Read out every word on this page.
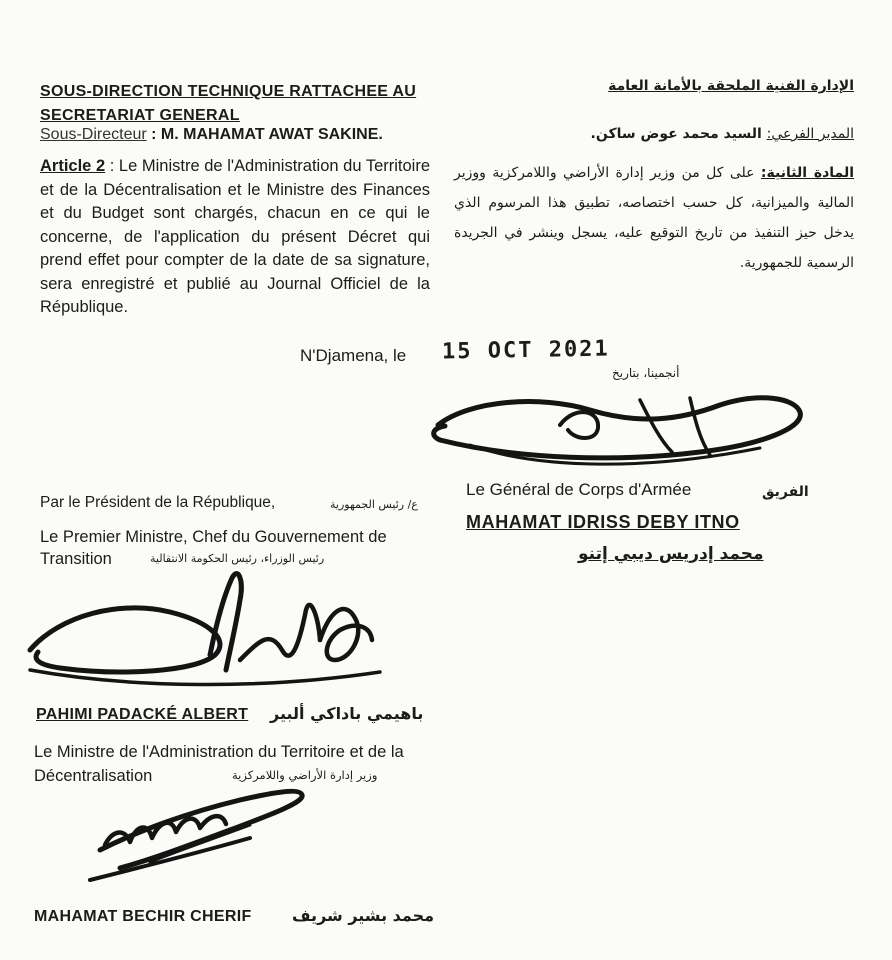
SOUS-DIRECTION TECHNIQUE RATTACHEE AU
SECRETARIAT GENERAL
Sous-Directeur : M. MAHAMAT AWAT SAKINE.
Article 2 : Le Ministre de l'Administration du Territoire et de la Décentralisation et le Ministre des Finances et du Budget sont chargés, chacun en ce qui le concerne, de l'application du présent Décret qui prend effet pour compter de la date de sa signature, sera enregistré et publié au Journal Officiel de la République.
الإدارة الفنية الملحقة بالأمانة العامة
المدير الفرعي: السيد محمد عوض ساكن.
المادة الثانية: على كل من وزير إدارة الأراضي واللامركزية ووزير المالية والميزانية، كل حسب اختصاصه، تطبيق هذا المرسوم الذي يدخل حيز التنفيذ من تاريخ التوقيع عليه، يسجل وينشر في الجريدة الرسمية للجمهورية.
N'Djamena, le 15 OCT 2021
أنجمينا، بتاريخ
Le Général de Corps d'Armée	الفريق
MAHAMAT IDRISS DEBY ITNO
محمد إدريس ديبي إتنو
Par le Président de la République,	ع/ رئيس الجمهورية
Le Premier Ministre, Chef du Gouvernement de Transition	رئيس الوزراء، رئيس الحكومة الانتقالية
PAHIMI PADACKÉ ALBERT باهيمي باداكي ألبير
Le Ministre de l'Administration du Territoire et de la Décentralisation	وزير إدارة الأراضي واللامركزية
MAHAMAT BECHIR CHERIF	محمد بشير شريف
